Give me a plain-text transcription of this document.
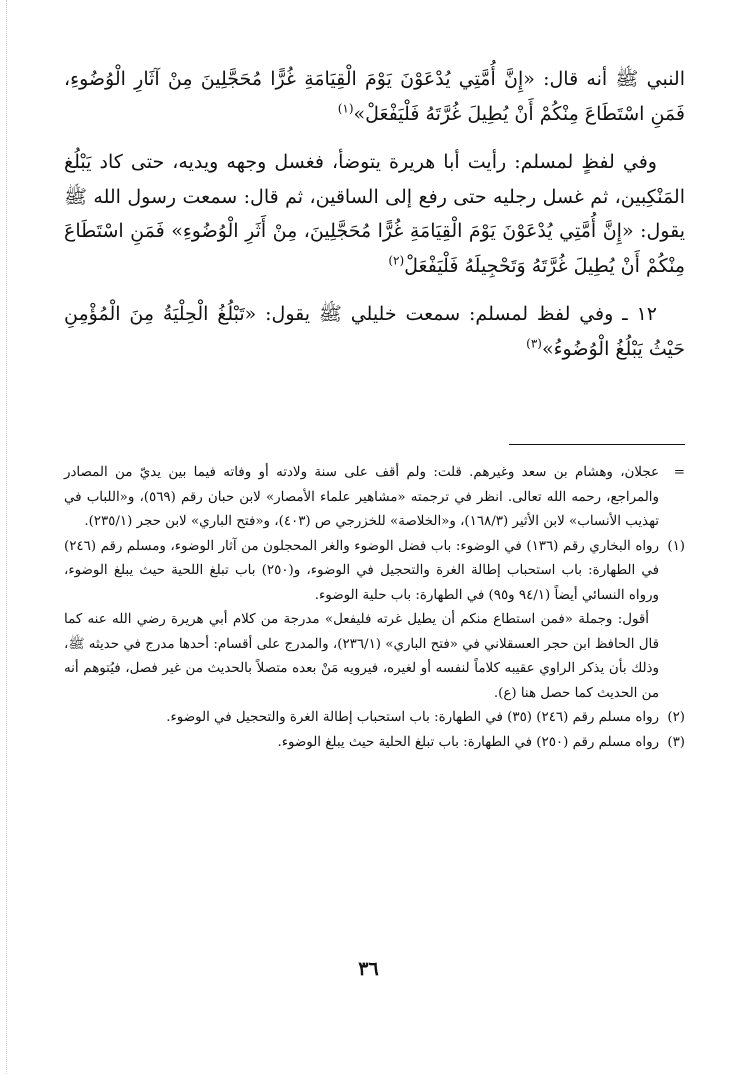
النبي ﷺ أنه قال: «إِنَّ أُمَّتِي يُدْعَوْنَ يَوْمَ الْقِيَامَةِ غُرًّا مُحَجَّلِينَ مِنْ آثَارِ الْوُضُوءِ، فَمَنِ اسْتَطَاعَ مِنْكُمْ أَنْ يُطِيلَ غُرَّتَهُ فَلْيَفْعَلْ»$^{(١)}$

وفي لفظٍ لمسلم: رأيت أبا هريرة يتوضأ، فغسل وجهه ويديه، حتى كاد يَبْلُغ المَنْكِبين، ثم غسل رجليه حتى رفع إلى الساقين، ثم قال: سمعت رسول الله ﷺ يقول: «إِنَّ أُمَّتِي يُدْعَوْنَ يَوْمَ الْقِيَامَةِ غُرًّا مُحَجَّلِينَ، مِنْ أَثَرِ الْوُضُوءِ» فَمَنِ اسْتَطَاعَ مِنْكُمْ أَنْ يُطِيلَ غُرَّتَهُ وَتَحْجِيلَهُ فَلْيَفْعَلْ$^{(٢)}$

١٢ ـ وفي لفظ لمسلم: سمعت خليلي ﷺ يقول: «تَبْلُغُ الْحِلْيَةُ مِنَ الْمُؤْمِنِ حَيْثُ يَبْلُغُ الْوُضُوءُ»$^{(٣)}$

=
عجلان، وهشام بن سعد وغيرهم. قلت: ولم أقف على سنة ولادته أو وفاته فيما بين يديّ من المصادر والمراجع، رحمه الله تعالى. انظر في ترجمته «مشاهير علماء الأمصار» لابن حبان رقم (٥٦٩)، و«اللباب في تهذيب الأنساب» لابن الأثير (١٦٨/٣)، و«الخلاصة» للخزرجي ص (٤٠٣)، و«فتح الباري» لابن حجر (٢٣٥/١).

(١)
رواه البخاري رقم (١٣٦) في الوضوء: باب فضل الوضوء والغر المحجلون من آثار الوضوء، ومسلم رقم (٢٤٦) في الطهارة: باب استحباب إطالة الغرة والتحجيل في الوضوء، و(٢٥٠) باب تبلغ اللحية حيث يبلغ الوضوء، ورواه النسائي أيضاً (٩٤/١ و٩٥) في الطهارة: باب حلية الوضوء.

أقول: وجملة «فمن استطاع منكم أن يطيل غرته فليفعل» مدرجة من كلام أبي هريرة رضي الله عنه كما قال الحافظ ابن حجر العسقلاني في «فتح الباري» (٢٣٦/١)، والمدرج على أقسام: أحدها مدرج في حديثه ﷺ، وذلك بأن يذكر الراوي عقيبه كلاماً لنفسه أو لغيره، فيرويه مَنْ بعده متصلاً بالحديث من غير فصل، فيُتوهم أنه من الحديث كما حصل هنا (ع).

(٢)
رواه مسلم رقم (٢٤٦) (٣٥) في الطهارة: باب استحباب إطالة الغرة والتحجيل في الوضوء.

(٣)
رواه مسلم رقم (٢٥٠) في الطهارة: باب تبلغ الحلية حيث يبلغ الوضوء.

٣٦
